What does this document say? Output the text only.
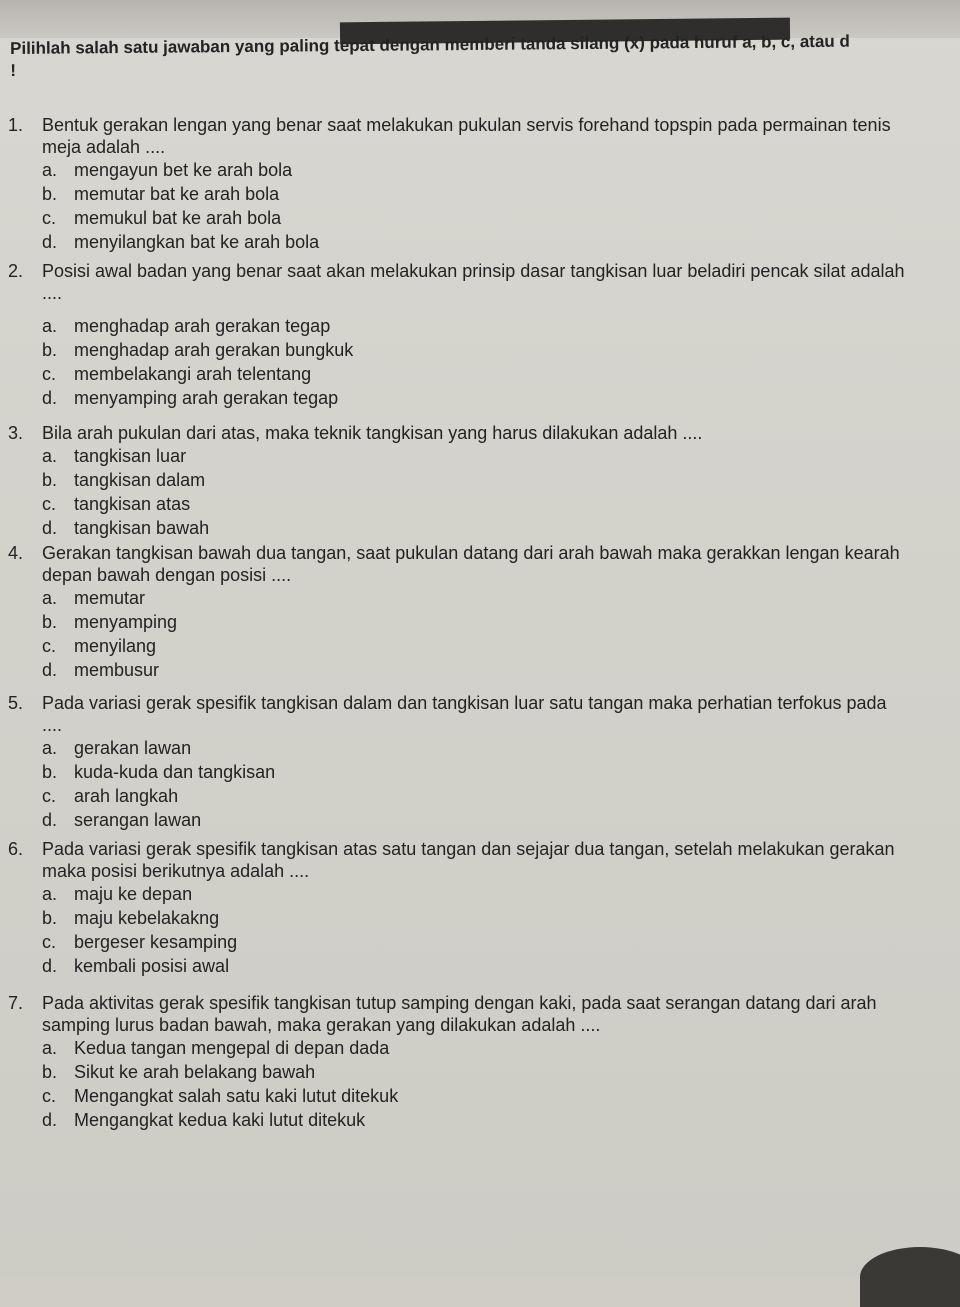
Pilihlah salah satu jawaban yang paling tepat dengan memberi tanda silang (x) pada huruf a, b, c, atau d !
1.	Bentuk gerakan lengan yang benar saat melakukan pukulan servis forehand topspin pada permainan tenis meja adalah ....
a. mengayun bet ke arah bola
b. memutar bat ke arah bola
c. memukul bat ke arah bola
d. menyilangkan bat ke arah bola
2.	Posisi awal badan yang benar saat akan melakukan prinsip dasar tangkisan luar beladiri pencak silat adalah ....
a. menghadap arah gerakan tegap
b. menghadap arah gerakan bungkuk
c. membelakangi arah telentang
d. menyamping arah gerakan tegap
3.	Bila arah pukulan dari atas, maka teknik tangkisan yang harus dilakukan adalah ....
a. tangkisan luar
b. tangkisan dalam
c. tangkisan atas
d. tangkisan bawah
4.	Gerakan tangkisan bawah dua tangan, saat pukulan datang dari arah bawah maka gerakkan lengan kearah depan bawah dengan posisi ....
a. memutar
b. menyamping
c. menyilang
d. membusur
5.	Pada variasi gerak spesifik tangkisan dalam dan tangkisan luar satu tangan maka perhatian terfokus pada ....
a. gerakan lawan
b. kuda-kuda dan tangkisan
c. arah langkah
d. serangan lawan
6.	Pada variasi gerak spesifik tangkisan atas satu tangan dan sejajar dua tangan, setelah melakukan gerakan maka posisi berikutnya adalah ....
a. maju ke depan
b. maju kebelakakng
c. bergeser kesamping
d. kembali posisi awal
7.	Pada aktivitas gerak spesifik tangkisan tutup samping dengan kaki, pada saat serangan datang dari arah samping lurus badan bawah, maka gerakan yang dilakukan adalah ....
a. Kedua tangan mengepal di depan dada
b. Sikut ke arah belakang bawah
c. Mengangkat salah satu kaki lutut ditekuk
d. Mengangkat kedua kaki lutut ditekuk
